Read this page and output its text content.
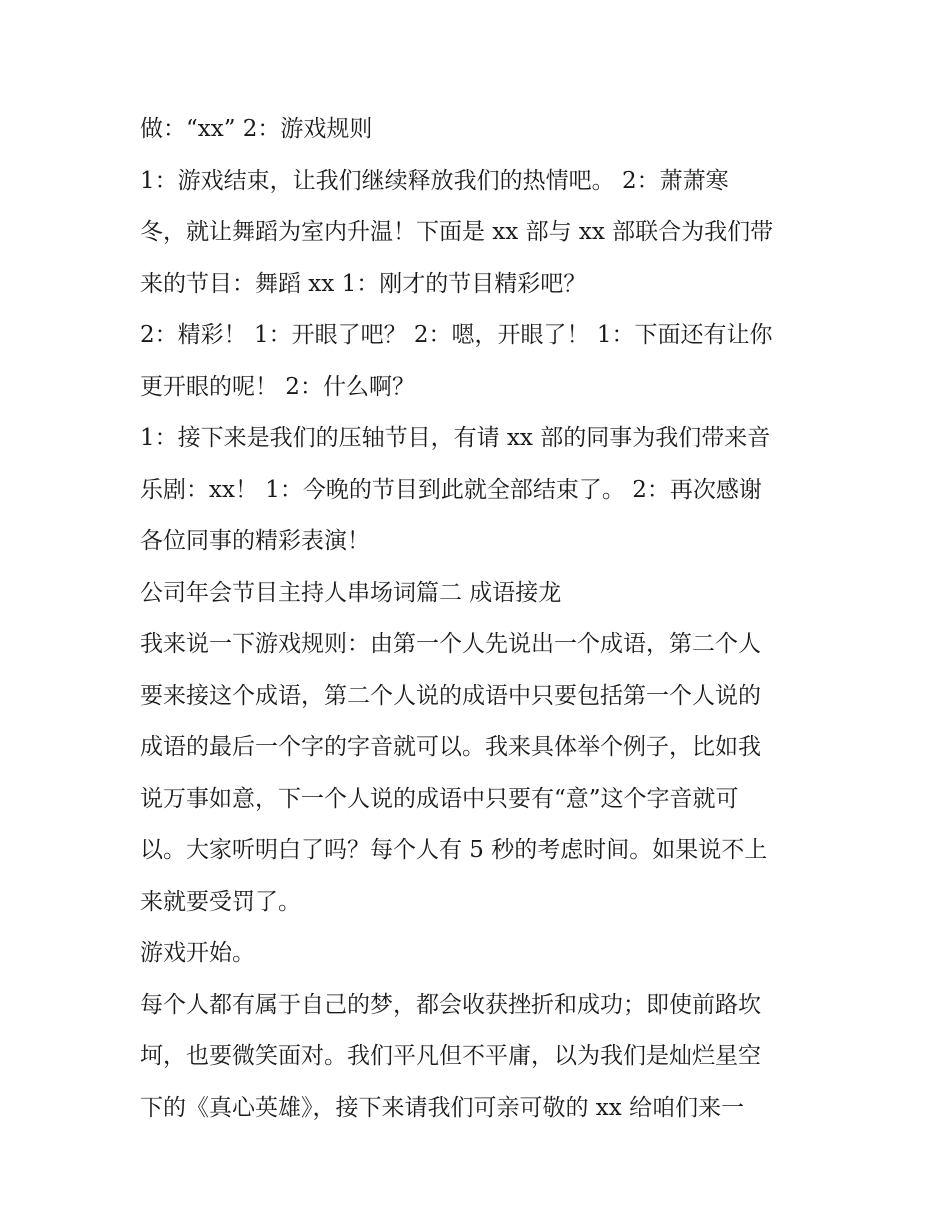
做：“xx” 2：游戏规则
1：游戏结束，让我们继续释放我们的热情吧。 2：萧萧寒
冬，就让舞蹈为室内升温！下面是 xx 部与 xx 部联合为我们带
来的节目：舞蹈 xx 1：刚才的节目精彩吧？
2：精彩！ 1：开眼了吧？ 2：嗯，开眼了！ 1：下面还有让你
更开眼的呢！ 2：什么啊？
1：接下来是我们的压轴节目，有请 xx 部的同事为我们带来音
乐剧：xx！ 1：今晚的节目到此就全部结束了。 2：再次感谢
各位同事的精彩表演！
公司年会节目主持人串场词篇二 成语接龙
我来说一下游戏规则：由第一个人先说出一个成语，第二个人
要来接这个成语，第二个人说的成语中只要包括第一个人说的
成语的最后一个字的字音就可以。我来具体举个例子，比如我
说万事如意，下一个人说的成语中只要有“意”这个字音就可
以。大家听明白了吗？每个人有 5 秒的考虑时间。如果说不上
来就要受罚了。
游戏开始。
每个人都有属于自己的梦，都会收获挫折和成功；即使前路坎
坷，也要微笑面对。我们平凡但不平庸，以为我们是灿烂星空
下的《真心英雄》，接下来请我们可亲可敬的 xx 给咱们来一
